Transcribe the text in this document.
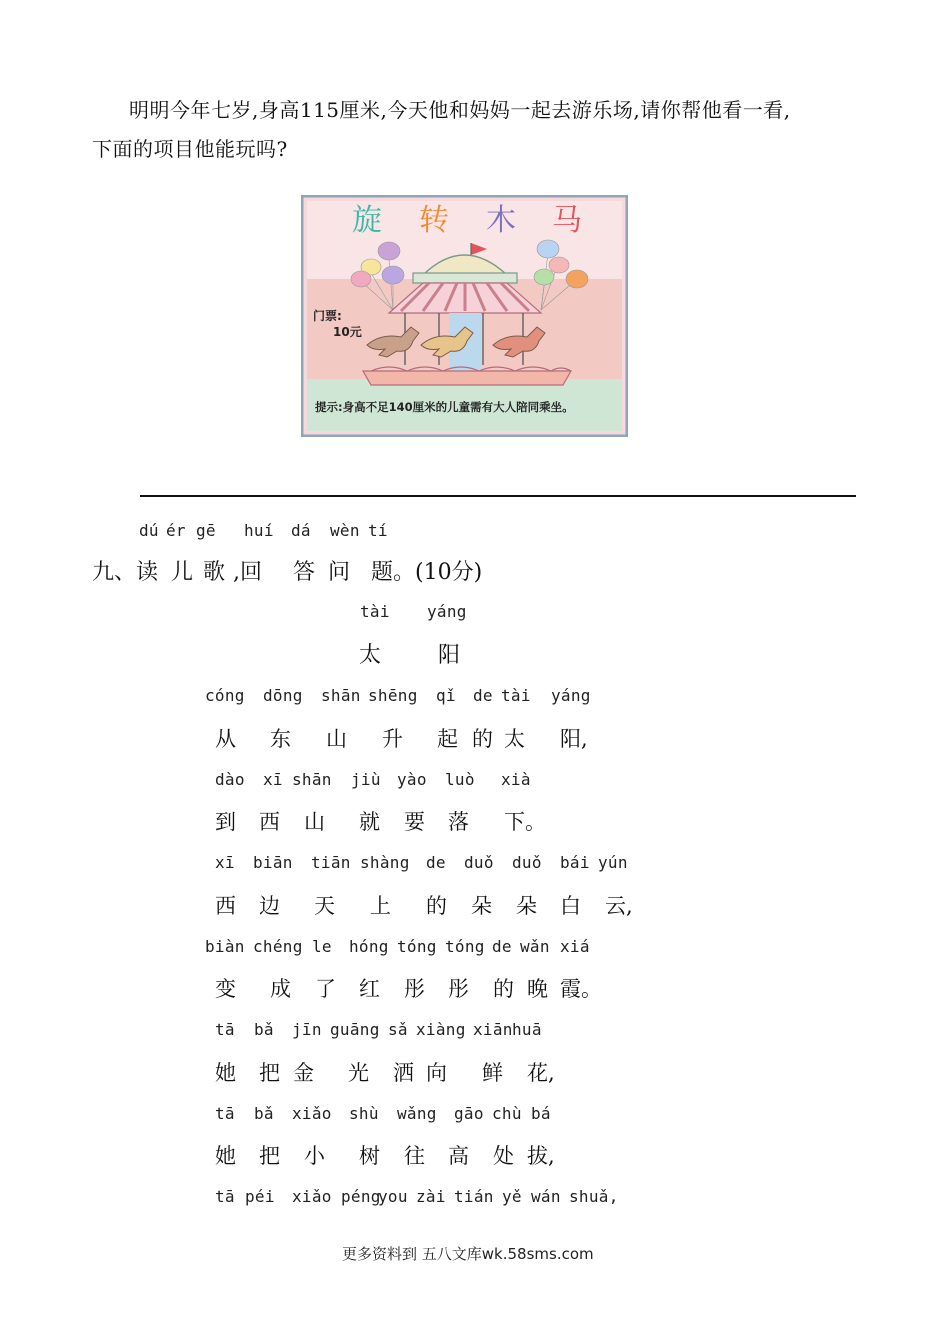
明明今年七岁,身高115厘米,今天他和妈妈一起去游乐场,请你帮他看一看,
下面的项目他能玩吗?
旋 转 木 马
门票:
10元
提示:身高不足140厘米的儿童需有大人陪同乘坐。
dú ér gē huí dá wèn tí
九、读 儿 歌 ,回 答 问 题。(10分)
tài yáng
太	阳
cóng dōng shān shēng qǐ de tài yáng
从 东 山 升 起 的 太 阳,
dào xī shān jiù yào luò xià
到 西 山 就 要 落 下。
xī biān tiān shàng de duǒ duǒ bái yún
西 边 天 上 的 朵 朵 白 云,
biàn chéng le hóng tóng tóng de wǎn xiá
变 成 了 红 彤 彤 的 晚 霞。
tā bǎ jīn guāng sǎ xiàng xiān huā
她 把 金 光 洒 向 鲜 花,
tā bǎ xiǎo shù wǎng gāo chù bá
她 把 小 树 往 高 处 拔,
tā péi xiǎo péng
you zài tián yě wán shuǎ,
更多资料到 五八文库wk.58sms.com
